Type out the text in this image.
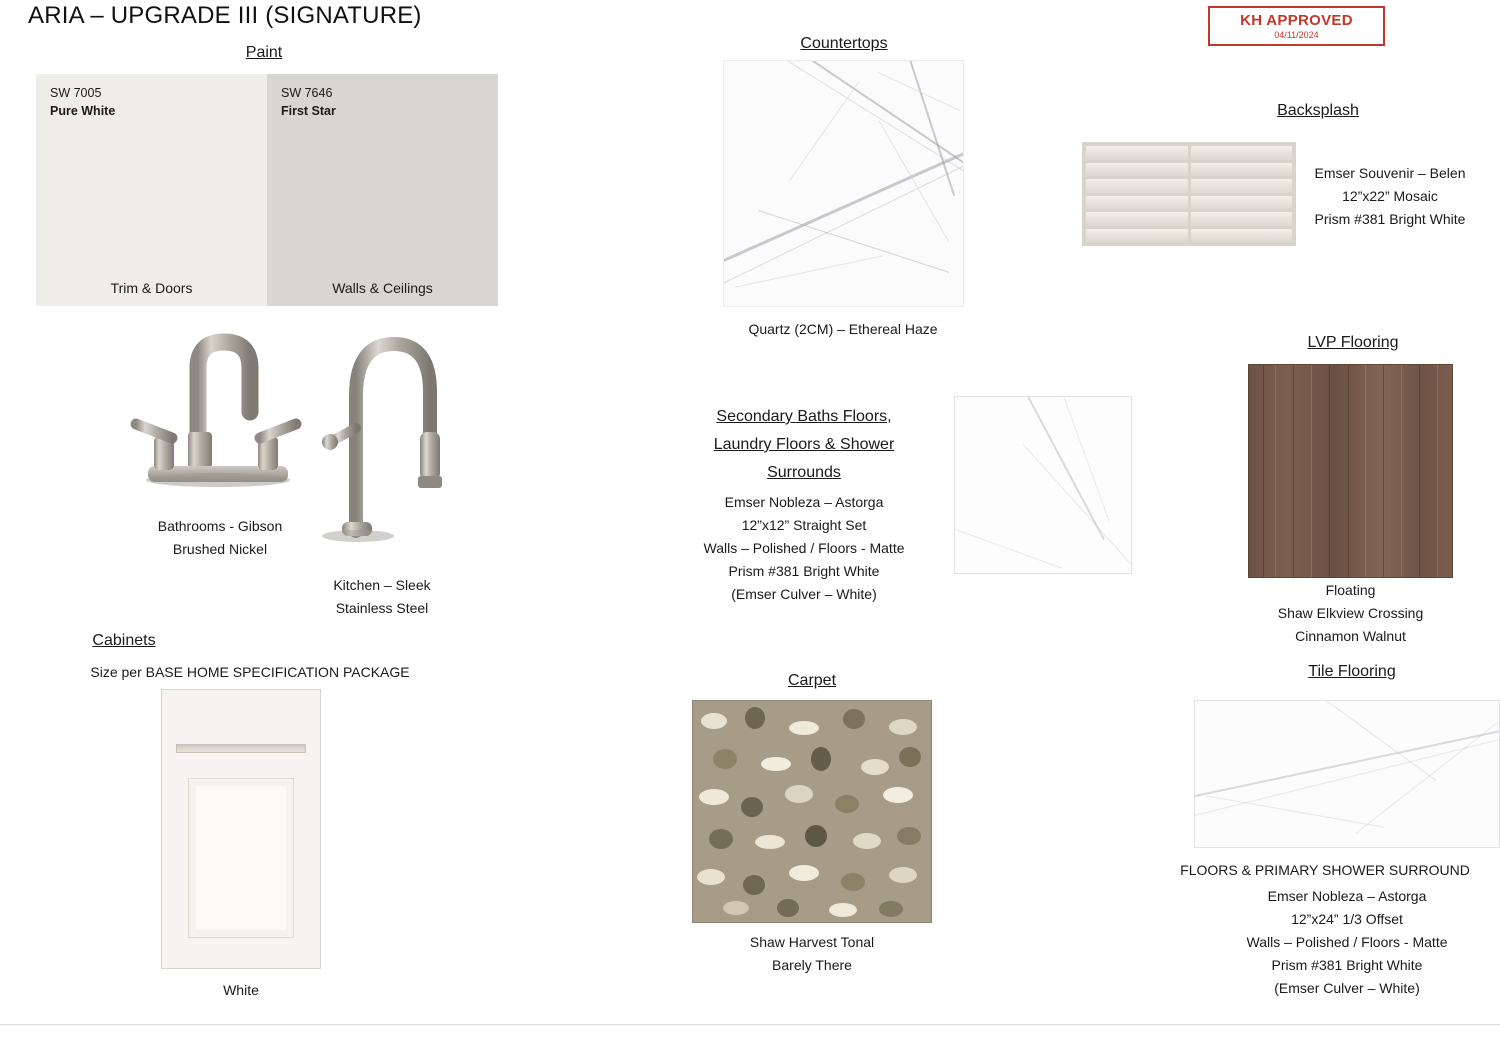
ARIA – UPGRADE III (SIGNATURE)	KH APPROVED
04/11/2024
Paint
SW 7005
Pure White
Trim & Doors
SW 7646
First Star
Walls & Ceilings
Bathrooms - Gibson
Brushed Nickel
Kitchen – Sleek
Stainless Steel
Cabinets
Size per BASE HOME SPECIFICATION PACKAGE
White
Countertops
Quartz (2CM) – Ethereal Haze
Backsplash
Emser Souvenir – Belen
12”x22” Mosaic
Prism #381 Bright White
Secondary Baths Floors,
Laundry Floors & Shower
Surrounds
Emser Nobleza – Astorga
12”x12” Straight Set
Walls – Polished / Floors - Matte
Prism #381 Bright White
(Emser Culver – White)
LVP Flooring
Floating
Shaw Elkview Crossing
Cinnamon Walnut
Carpet
Shaw Harvest Tonal
Barely There
Tile Flooring
FLOORS & PRIMARY SHOWER SURROUND
Emser Nobleza – Astorga
12”x24” 1/3 Offset
Walls – Polished / Floors - Matte
Prism #381 Bright White
(Emser Culver – White)
